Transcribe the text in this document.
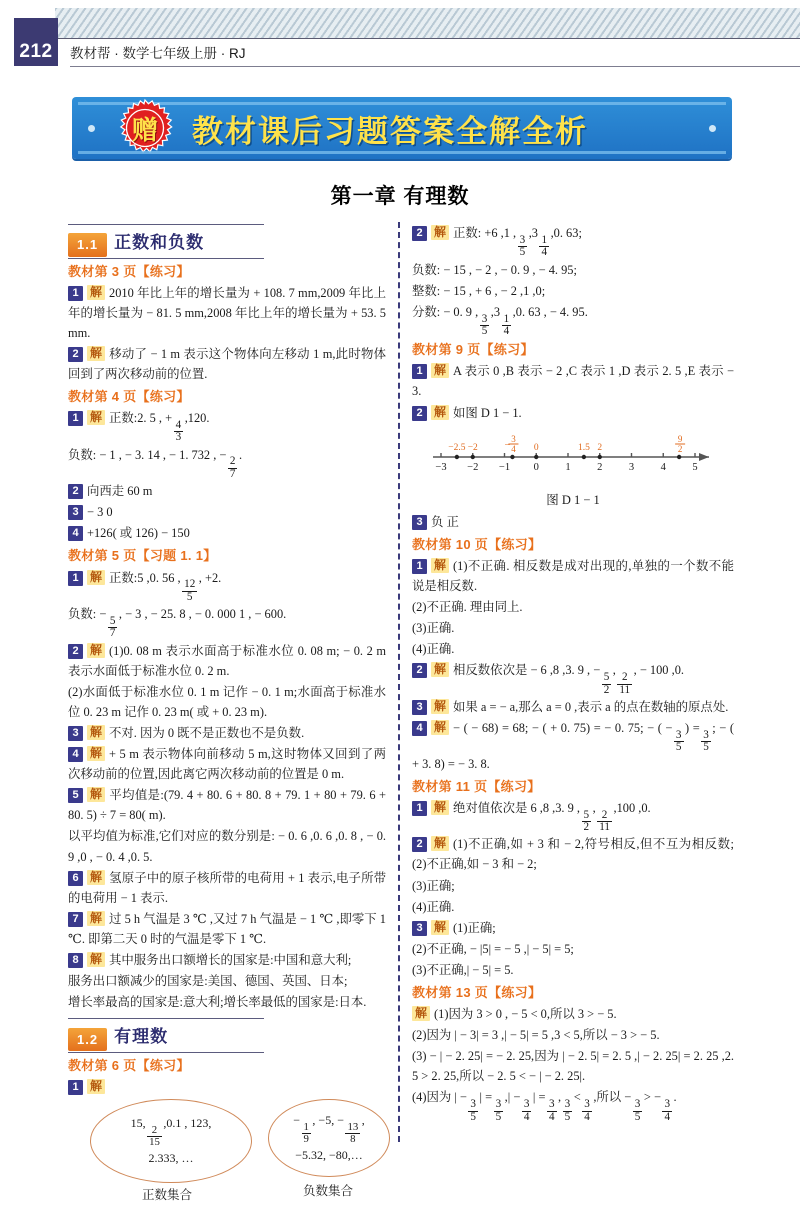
212	教材帮 · 数学七年级上册 · RJ
赠 教材课后习题答案全解全析
第一章 有理数
1.1 正数和负数
教材第 3 页【练习】
1 解 2010 年比上年的增长量为 + 108. 7 mm,2009 年比上年的增长量为 − 81. 5 mm,2008 年比上年的增长量为 + 53. 5 mm.
2 解 移动了 − 1 m 表示这个物体向左移动 1 m,此时物体回到了两次移动前的位置.
教材第 4 页【练习】
1 解 正数:2. 5 , +
$\frac{4}{3}$
,120.
负数: − 1 , − 3. 14 , − 1. 732 , −
$\frac{2}{7}$
.
2 向西走 60 m
3 − 3 0
4 +126( 或 126) − 150
教材第 5 页【习题 1. 1】
1 解 正数:5 ,0. 56 ,
$\frac{12}{5}$
, +2.
负数: −
$\frac{5}{7}$
, − 3 , − 25. 8 , − 0. 000 1 , − 600.
2 解 (1)0. 08 m 表示水面高于标准水位 0. 08 m; − 0. 2 m 表示水面低于标准水位 0. 2 m.
(2)水面低于标准水位 0. 1 m 记作 − 0. 1 m;水面高于标准水位 0. 23 m 记作 0. 23 m( 或 + 0. 23 m).
3 解 不对. 因为 0 既不是正数也不是负数.
4 解 + 5 m 表示物体向前移动 5 m,这时物体又回到了两次移动前的位置,因此离它两次移动前的位置是 0 m.
5 解 平均值是:(79. 4 + 80. 6 + 80. 8 + 79. 1 + 80 + 79. 6 + 80. 5) ÷ 7 = 80( m).
以平均值为标准,它们对应的数分别是: − 0. 6 ,0. 6 ,0. 8 , − 0. 9 ,0 , − 0. 4 ,0. 5.
6 解 氢原子中的原子核所带的电荷用 + 1 表示,电子所带的电荷用 − 1 表示.
7 解 过 5 h 气温是 3 ℃ ,又过 7 h 气温是 − 1 ℃ ,即零下 1 ℃. 即第二天 0 时的气温是零下 1 ℃.
8 解 其中服务出口额增长的国家是:中国和意大利;
服务出口额减少的国家是:美国、德国、英国、日本;
增长率最高的国家是:意大利;增长率最低的国家是:日本.
1.2 有理数
教材第 6 页【练习】
1 解
15,
$\frac{2}{15}$
,0.1 , 123,
2.333, …
−
$\frac{1}{9}$
, −5, −
$\frac{13}{8}$
,
−5.32, −80,…
正数集合	负数集合
2 解 正数: +6 ,1 ,
$\frac{3}{5}$
,3
$\frac{1}{4}$
,0. 63;
负数: − 15 , − 2 , − 0. 9 , − 4. 95;
整数: − 15 , + 6 , − 2 ,1 ,0;
分数: − 0. 9 ,
$\frac{3}{5}$
,3
$\frac{1}{4}$
,0. 63 , − 4. 95.
教材第 9 页【练习】
1 解 A 表示 0 ,B 表示 − 2 ,C 表示 1 ,D 表示 2. 5 ,E 表示 − 3.
2 解 如图 D 1 − 1.
−3 −2 −1 0	1	2	3	4	5
−2.5 −2	−
3
4 0	1.5 2
9
2
图 D 1 − 1
3 负 正
教材第 10 页【练习】
1 解 (1)不正确. 相反数是成对出现的,单独的一个数不能说是相反数.
(2)不正确. 理由同上.
(3)正确.
(4)正确.
2 解 相反数依次是 − 6 ,8 ,3. 9 , −
$\frac{5}{2}$
,
$\frac{2}{11}$
, − 100 ,0.
3 解 如果 a = − a,那么 a = 0 ,表示 a 的点在数轴的原点处.
4 解 − ( − 68) = 68; − ( + 0. 75) = − 0. 75; − ( −
$\frac{3}{5}$
) =
$\frac{3}{5}$
; − ( + 3. 8) = − 3. 8.
教材第 11 页【练习】
1 解 绝对值依次是 6 ,8 ,3. 9 ,
$\frac{5}{2}$
,
$\frac{2}{11}$
,100 ,0.
2 解 (1)不正确,如 + 3 和 − 2,符号相反,但不互为相反数;(2)不正确,如 − 3 和 − 2;
(3)正确;
(4)正确.
3 解 (1)正确;
(2)不正确, − |5| = − 5 ,| − 5| = 5;
(3)不正确,| − 5| = 5.
教材第 13 页【练习】
解 (1)因为 3 > 0 , − 5 < 0,所以 3 > − 5.
(2)因为 | − 3| = 3 ,| − 5| = 5 ,3 < 5,所以 − 3 > − 5.
(3) − | − 2. 25| = − 2. 25,因为 | − 2. 5| = 2. 5 ,| − 2. 25| = 2. 25 ,2. 5 > 2. 25,所以 − 2. 5 < − | − 2. 25|.
(4)因为 | −
$\frac{3}{5}$
| =
$\frac{3}{5}$
,| −
$\frac{3}{4}$
| =
$\frac{3}{4}$
,
$\frac{3}{5}$
<
$\frac{3}{4}$
,所以 −
$\frac{3}{5}$
> −
$\frac{3}{4}$
.
